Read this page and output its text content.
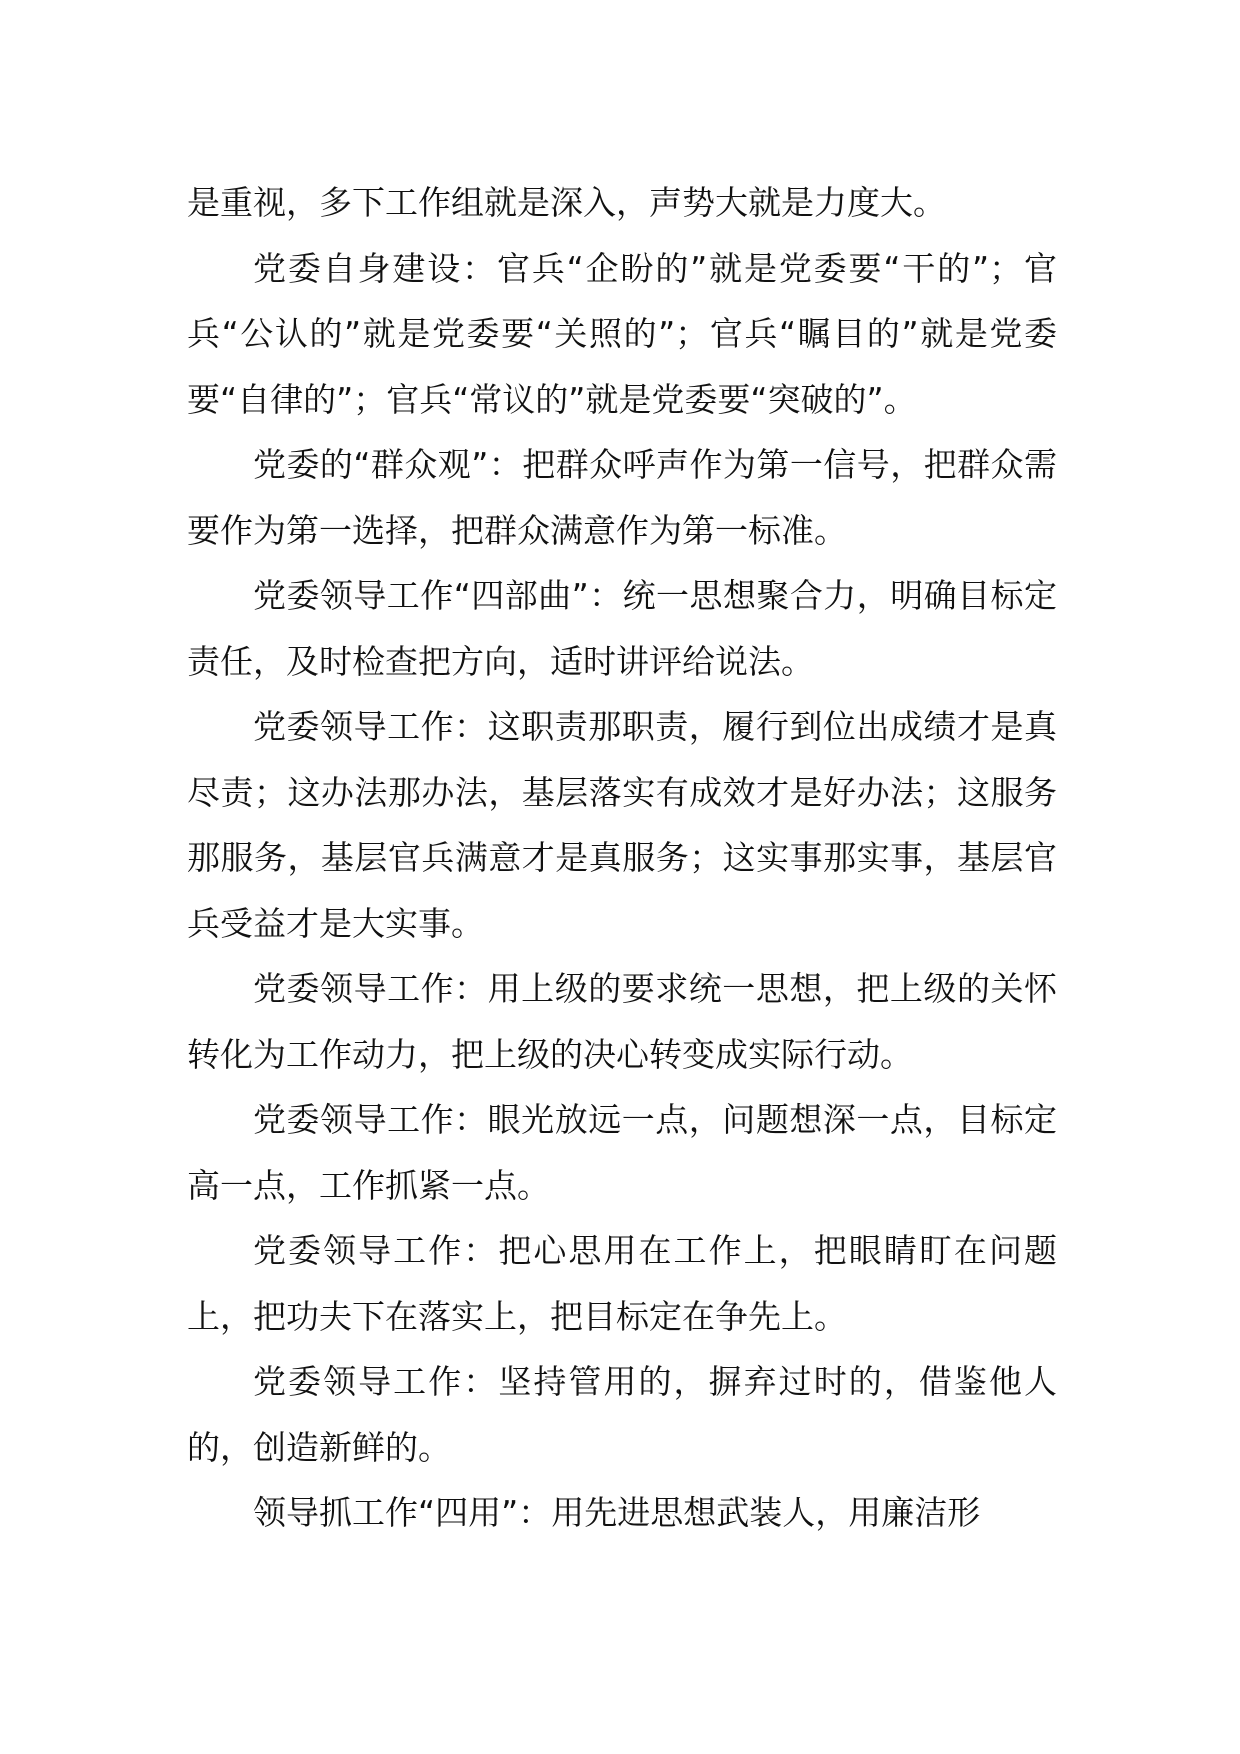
是重视，多下工作组就是深入，声势大就是力度大。

党委自身建设：官兵“企盼的”就是党委要“干的”；官兵“公认的”就是党委要“关照的”；官兵“瞩目的”就是党委要“自律的”；官兵“常议的”就是党委要“突破的”。

党委的“群众观”：把群众呼声作为第一信号，把群众需要作为第一选择，把群众满意作为第一标准。

党委领导工作“四部曲”：统一思想聚合力，明确目标定责任，及时检查把方向，适时讲评给说法。

党委领导工作：这职责那职责，履行到位出成绩才是真尽责；这办法那办法，基层落实有成效才是好办法；这服务那服务，基层官兵满意才是真服务；这实事那实事，基层官兵受益才是大实事。

党委领导工作：用上级的要求统一思想，把上级的关怀转化为工作动力，把上级的决心转变成实际行动。

党委领导工作：眼光放远一点，问题想深一点，目标定高一点，工作抓紧一点。

党委领导工作：把心思用在工作上，把眼睛盯在问题上，把功夫下在落实上，把目标定在争先上。

党委领导工作：坚持管用的，摒弃过时的，借鉴他人的，创造新鲜的。

领导抓工作“四用”：用先进思想武装人，用廉洁形
